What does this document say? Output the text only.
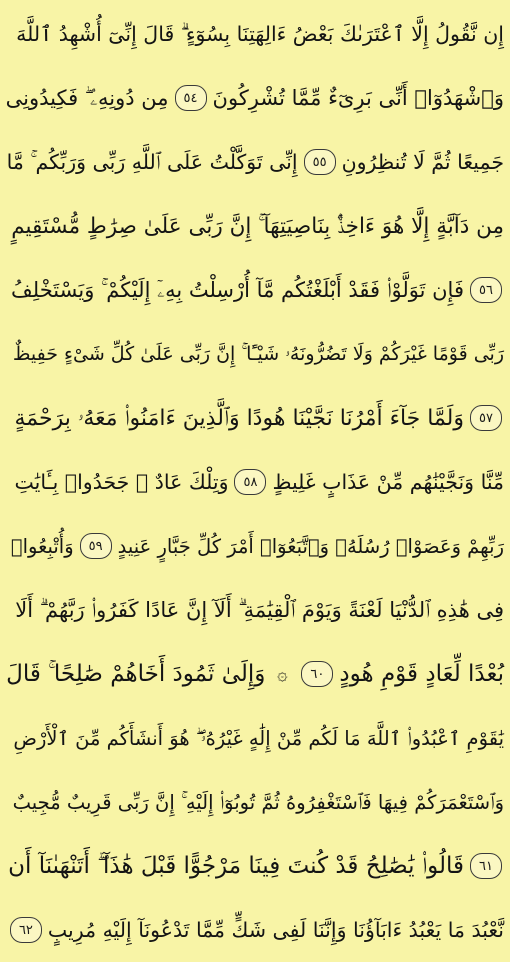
إِن نَّقُولُ إِلَّا ٱعْتَرَىٰكَ بَعْضُ ءَالِهَتِنَا بِسُوٓءٍ ۗ قَالَ إِنِّىٓ أُشْهِدُ ٱللَّهَ
وَٱشْهَدُوٓا۟ أَنِّى بَرِىٓءٌ مِّمَّا تُشْرِكُونَ
٥٤
مِن دُونِهِۦ ۖ فَكِيدُونِى
جَمِيعًا ثُمَّ لَا تُنظِرُونِ
٥٥
إِنِّى تَوَكَّلْتُ عَلَى ٱللَّهِ رَبِّى وَرَبِّكُم ۚ مَّا
مِن دَآبَّةٍ إِلَّا هُوَ ءَاخِذٌۢ بِنَاصِيَتِهَآ ۚ إِنَّ رَبِّى عَلَىٰ صِرَٰطٍ مُّسْتَقِيمٍ
٥٦
فَإِن تَوَلَّوْا۟ فَقَدْ أَبْلَغْتُكُم مَّآ أُرْسِلْتُ بِهِۦٓ إِلَيْكُمْ ۚ وَيَسْتَخْلِفُ
رَبِّى قَوْمًا غَيْرَكُمْ وَلَا تَضُرُّونَهُۥ شَيْـًٔا ۚ إِنَّ رَبِّى عَلَىٰ كُلِّ شَىْءٍ حَفِيظٌ
٥٧
وَلَمَّا جَآءَ أَمْرُنَا نَجَّيْنَا هُودًا وَٱلَّذِينَ ءَامَنُوا۟ مَعَهُۥ بِرَحْمَةٍ
مِّنَّا وَنَجَّيْنَٰهُم مِّنْ عَذَابٍ غَلِيظٍ
٥٨
وَتِلْكَ عَادٌ ۖ جَحَدُوا۟ بِـَٔايَٰتِ
رَبِّهِمْ وَعَصَوْا۟ رُسُلَهُۥ وَٱتَّبَعُوٓا۟ أَمْرَ كُلِّ جَبَّارٍ عَنِيدٍ
٥٩
وَأُتْبِعُوا۟
فِى هَٰذِهِ ٱلدُّنْيَا لَعْنَةً وَيَوْمَ ٱلْقِيَٰمَةِ ۗ أَلَآ إِنَّ عَادًا كَفَرُوا۟ رَبَّهُمْ ۗ أَلَا
بُعْدًا لِّعَادٍ قَوْمِ هُودٍ
٦٠
۞
وَإِلَىٰ ثَمُودَ أَخَاهُمْ صَٰلِحًا ۚ قَالَ
يَٰقَوْمِ ٱعْبُدُوا۟ ٱللَّهَ مَا لَكُم مِّنْ إِلَٰهٍ غَيْرُهُۥ ۖ هُوَ أَنشَأَكُم مِّنَ ٱلْأَرْضِ
وَٱسْتَعْمَرَكُمْ فِيهَا فَٱسْتَغْفِرُوهُ ثُمَّ تُوبُوٓا۟ إِلَيْهِ ۚ إِنَّ رَبِّى قَرِيبٌ مُّجِيبٌ
٦١
قَالُوا۟ يَٰصَٰلِحُ قَدْ كُنتَ فِينَا مَرْجُوًّا قَبْلَ هَٰذَآ ۖ أَتَنْهَىٰنَآ أَن
نَّعْبُدَ مَا يَعْبُدُ ءَابَآؤُنَا وَإِنَّنَا لَفِى شَكٍّ مِّمَّا تَدْعُونَآ إِلَيْهِ مُرِيبٍ
٦٢
